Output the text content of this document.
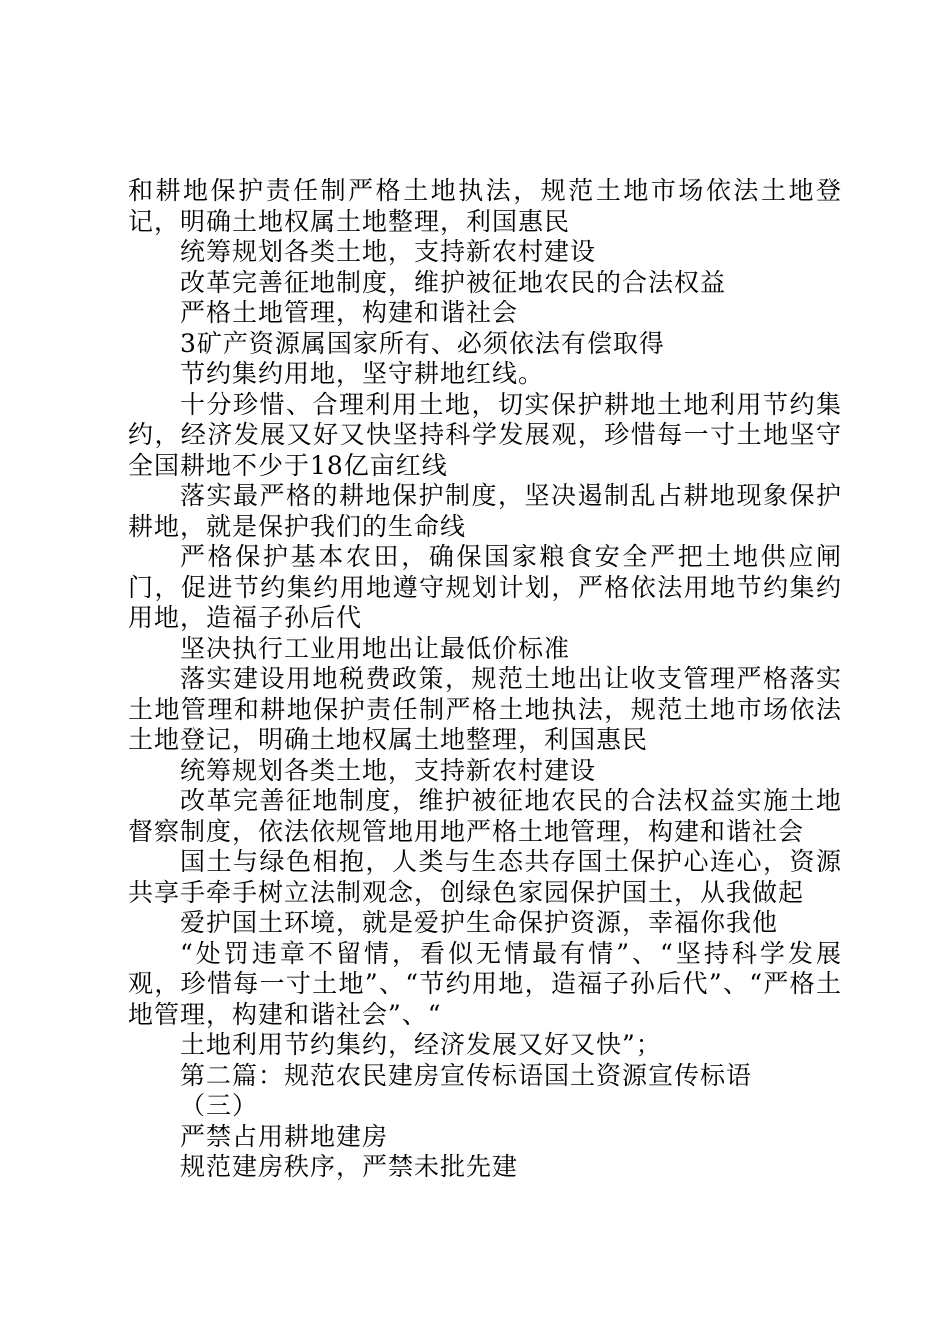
和耕地保护责任制严格土地执法，规范土地市场依法土地登记，明确土地权属土地整理，利国惠民

统筹规划各类土地，支持新农村建设

改革完善征地制度，维护被征地农民的合法权益

严格土地管理，构建和谐社会

3矿产资源属国家所有、必须依法有偿取得

节约集约用地，坚守耕地红线。

十分珍惜、合理利用土地，切实保护耕地土地利用节约集约，经济发展又好又快坚持科学发展观，珍惜每一寸土地坚守全国耕地不少于18亿亩红线

落实最严格的耕地保护制度，坚决遏制乱占耕地现象保护耕地，就是保护我们的生命线

严格保护基本农田，确保国家粮食安全严把土地供应闸门，促进节约集约用地遵守规划计划，严格依法用地节约集约用地，造福子孙后代

坚决执行工业用地出让最低价标准

落实建设用地税费政策，规范土地出让收支管理严格落实土地管理和耕地保护责任制严格土地执法，规范土地市场依法土地登记，明确土地权属土地整理，利国惠民

统筹规划各类土地，支持新农村建设

改革完善征地制度，维护被征地农民的合法权益实施土地督察制度，依法依规管地用地严格土地管理，构建和谐社会

国土与绿色相抱，人类与生态共存国土保护心连心，资源共享手牵手树立法制观念，创绿色家园保护国土，从我做起

爱护国土环境，就是爱护生命保护资源，幸福你我他

“处罚违章不留情，看似无情最有情”、“坚持科学发展观，珍惜每一寸土地”、“节约用地，造福子孙后代”、“严格土地管理，构建和谐社会”、“

土地利用节约集约，经济发展又好又快”；

第二篇：规范农民建房宣传标语国土资源宣传标语

（三）

严禁占用耕地建房

规范建房秩序，严禁未批先建
